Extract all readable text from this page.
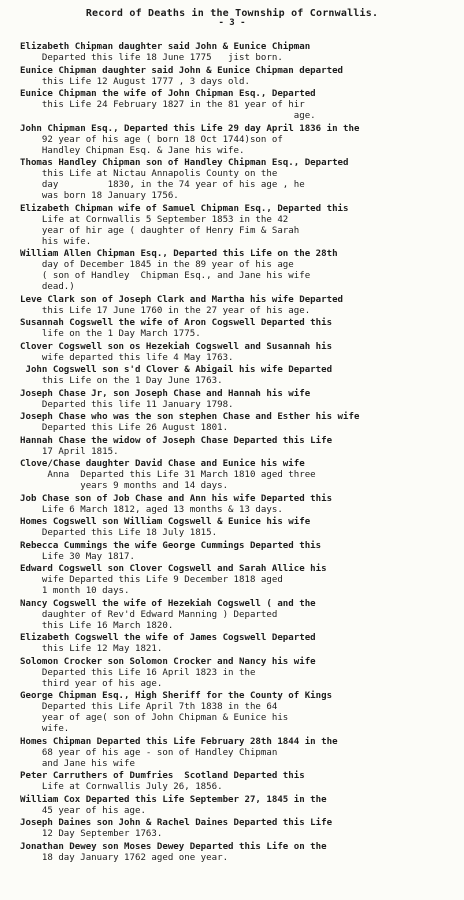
Record of Deaths in the Township of Cornwallis.
- 3 -
Elizabeth Chipman daughter said John & Eunice Chipman
Departed this life 18 June 1775   jist born.
Eunice Chipman daughter said John & Eunice Chipman departed
this Life 12 August 1777 , 3 days old.
Eunice Chipman the wife of John Chipman Esq., Departed
this Life 24 February 1827 in the 81 year of hir
age.
John Chipman Esq., Departed this Life 29 day April 1836 in the
92 year of his age ( born 18 Oct 1744)son of
Handley Chipman Esq. & Jane his wife.
Thomas Handley Chipman son of Handley Chipman Esq., Departed
this Life at Nictau Annapolis County on the
day         1830, in the 74 year of his age , he
was born 18 January 1756.
Elizabeth Chipman wife of Samuel Chipman Esq., Departed this
Life at Cornwallis 5 September 1853 in the 42
year of hir age ( daughter of Henry Fim & Sarah
his wife.
William Allen Chipman Esq., Departed this Life on the 28th
day of December 1845 in the 89 year of his age
( son of Handley  Chipman Esq., and Jane his wife
dead.)
Leve Clark son of Joseph Clark and Martha his wife Departed
this Life 17 June 1760 in the 27 year of his age.
Susannah Cogswell the wife of Aron Cogswell Departed this
life on the 1 Day March 1775.
Clover Cogswell son os Hezekiah Cogswell and Susannah his
wife departed this life 4 May 1763.
John Cogswell son s'd Clover & Abigail his wife Departed
this Life on the 1 Day June 1763.
Joseph Chase Jr, son Joseph Chase and Hannah his wife
Departed this life 11 January 1798.
Joseph Chase who was the son stephen Chase and Esther his wife
Departed this Life 26 August 1801.
Hannah Chase the widow of Joseph Chase Departed this Life
17 April 1815.
Clove/Chase daughter David Chase and Eunice his wife
Anna  Departed this Life 31 March 1810 aged three
years 9 months and 14 days.
Job Chase son of Job Chase and Ann his wife Departed this
Life 6 March 1812, aged 13 months & 13 days.
Homes Cogswell son William Cogswell & Eunice his wife
Departed this Life 18 July 1815.
Rebecca Cummings the wife George Cummings Departed this
Life 30 May 1817.
Edward Cogswell son Clover Cogswell and Sarah Allice his
wife Departed this Life 9 December 1818 aged
1 month 10 days.
Nancy Cogswell the wife of Hezekiah Cogswell ( and the
daughter of Rev'd Edward Manning ) Departed
this Life 16 March 1820.
Elizabeth Cogswell the wife of James Cogswell Departed
this Life 12 May 1821.
Solomon Crocker son Solomon Crocker and Nancy his wife
Departed this Life 16 April 1823 in the
third year of his age.
George Chipman Esq., High Sheriff for the County of Kings
Departed this Life April 7th 1838 in the 64
year of age( son of John Chipman & Eunice his
wife.
Homes Chipman Departed this Life February 28th 1844 in the
68 year of his age - son of Handley Chipman
and Jane his wife
Peter Carruthers of Dumfries  Scotland Departed this
Life at Cornwallis July 26, 1856.
William Cox Departed this Life September 27, 1845 in the
45 year of his age.
Joseph Daines son John & Rachel Daines Departed this Life
12 Day September 1763.
Jonathan Dewey son Moses Dewey Departed this Life on the
18 day January 1762 aged one year.
